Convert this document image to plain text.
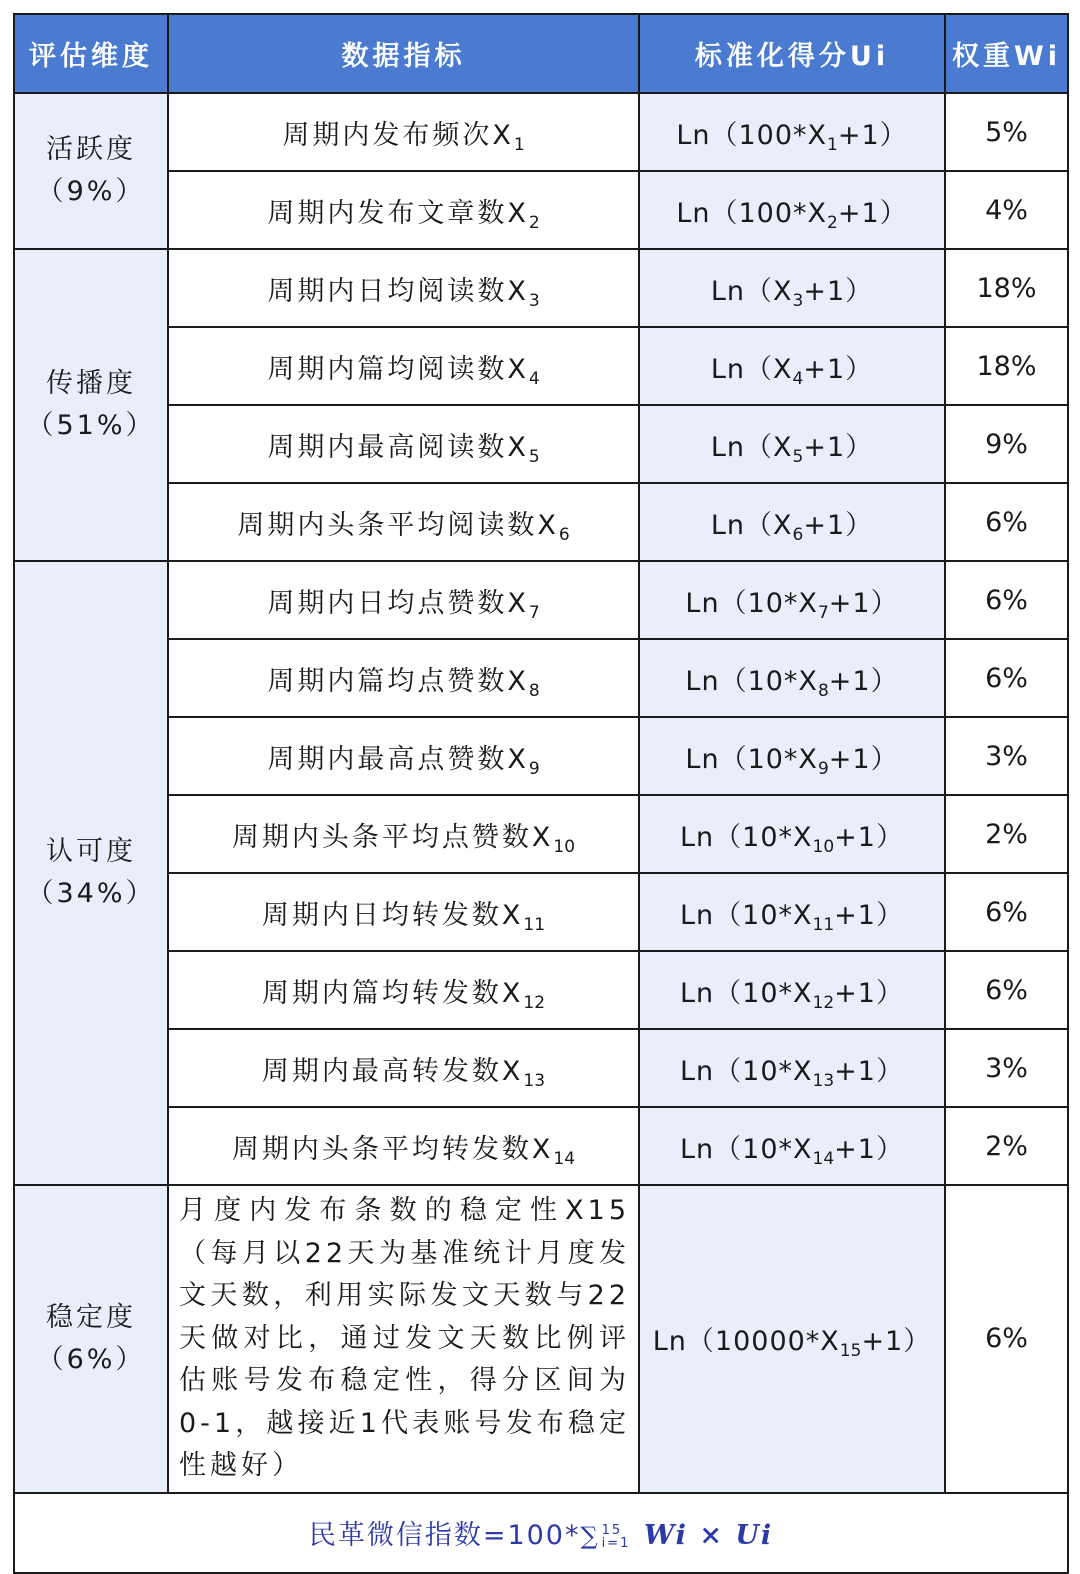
评估维度	数据指标	标准化得分Ui	权重Wi

活跃度
（9%）	周期内发布频次$X_1$	$Ln(100*X_1+1)$	5%
	周期内发布文章数$X_2$	$Ln(100*X_2+1)$	4%

传播度
（51%）	周期内日均阅读数$X_3$	$Ln(X_3+1)$	18%
	周期内篇均阅读数$X_4$	$Ln(X_4+1)$	18%
	周期内最高阅读数$X_5$	$Ln(X_5+1)$	9%
	周期内头条平均阅读数$X_6$	$Ln(X_6+1)$	6%

认可度
（34%）	周期内日均点赞数$X_7$	$Ln(10*X_7+1)$	6%
	周期内篇均点赞数$X_8$	$Ln(10*X_8+1)$	6%
	周期内最高点赞数$X_9$	$Ln(10*X_9+1)$	3%
	周期内头条平均点赞数$X_{10}$	$Ln(10*X_{10}+1)$	2%
	周期内日均转发数$X_{11}$	$Ln(10*X_{11}+1)$	6%
	周期内篇均转发数$X_{12}$	$Ln(10*X_{12}+1)$	6%
	周期内最高转发数$X_{13}$	$Ln(10*X_{13}+1)$	3%
	周期内头条平均转发数$X_{14}$	$Ln(10*X_{14}+1)$	2%

稳定度
（6%）	月度内发布条数的稳定性X15（每月以22天为基准统计月度发文天数，利用实际发文天数与22天做对比，通过发文天数比例评估账号发布稳定性，得分区间为0-1，越接近1代表账号发布稳定性越好）	$Ln(10000*X_{15}+1)$	6%
民革微信指数=100*∑ 15
i=1 Wi × Ui			
